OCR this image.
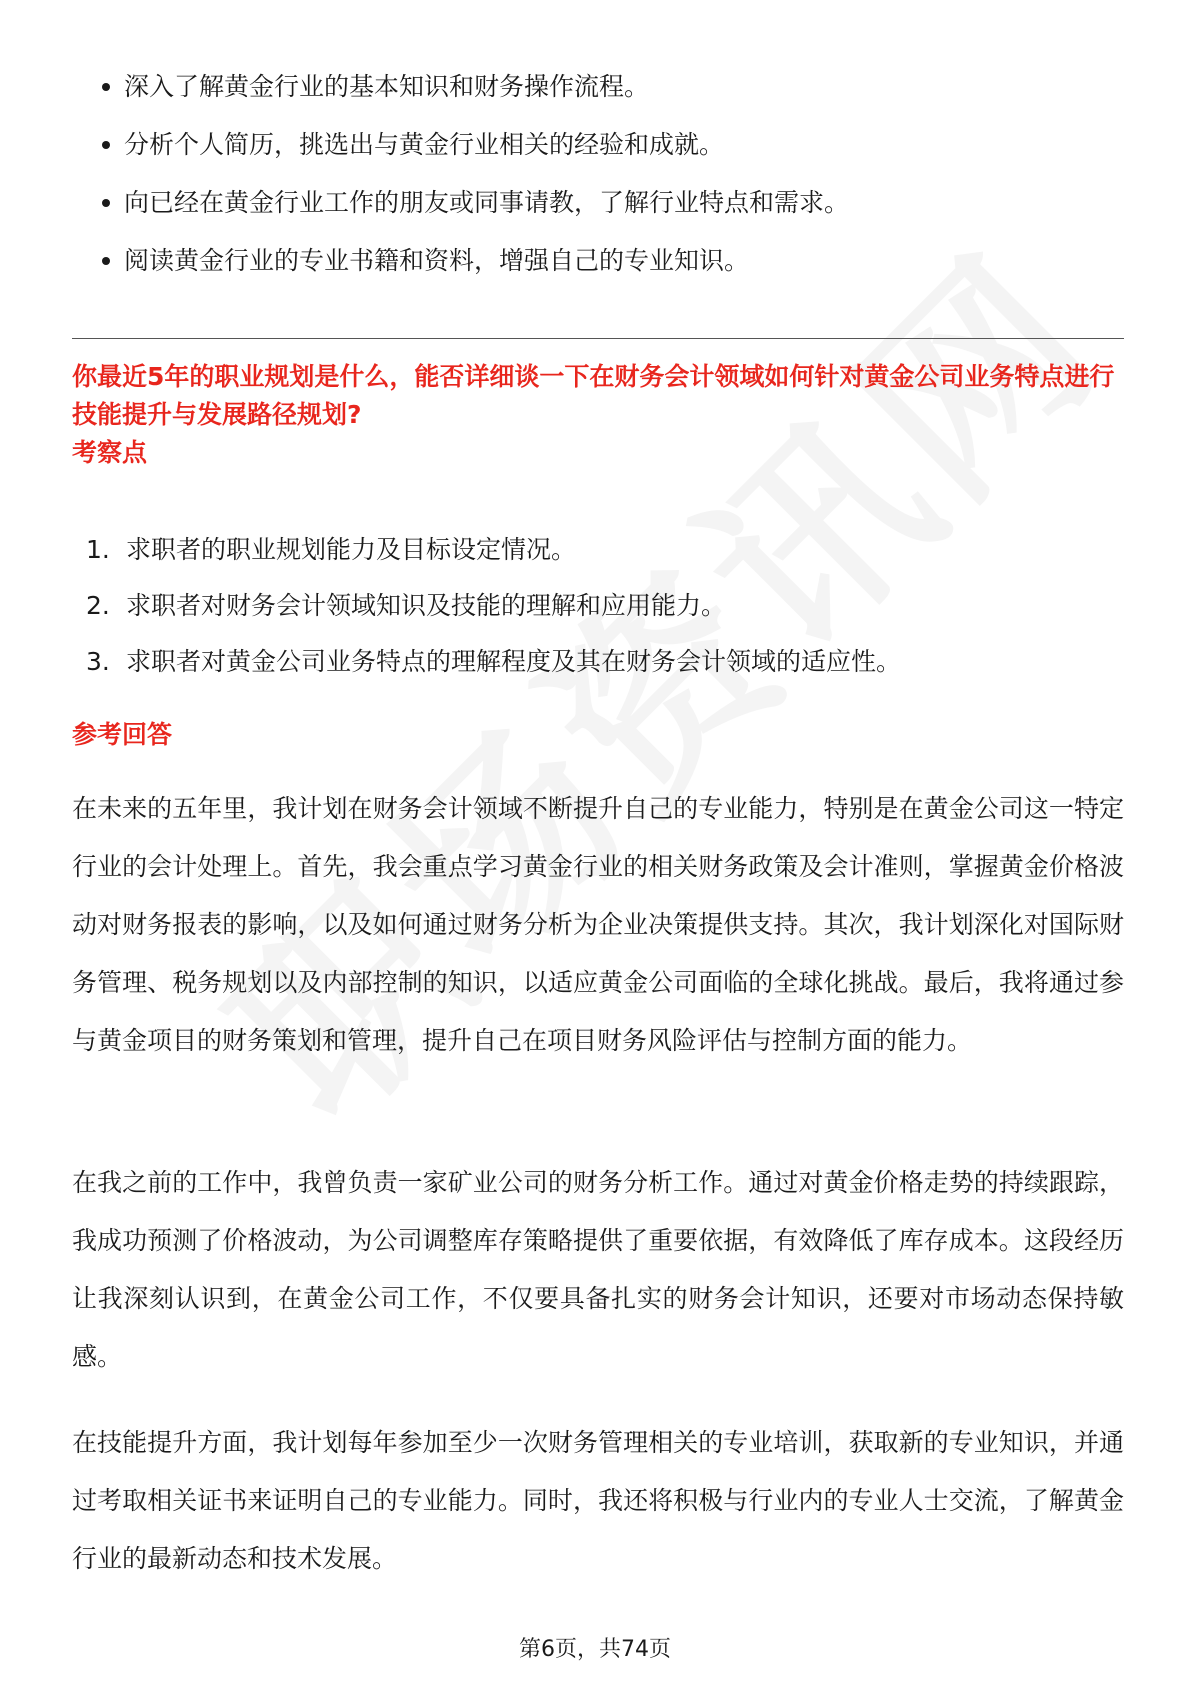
深入了解黄金行业的基本知识和财务操作流程。
分析个人简历，挑选出与黄金行业相关的经验和成就。
向已经在黄金行业工作的朋友或同事请教，了解行业特点和需求。
阅读黄金行业的专业书籍和资料，增强自己的专业知识。
你最近5年的职业规划是什么，能否详细谈一下在财务会计领域如何针对黄金公司业务特点进行技能提升与发展路径规划?
考察点
1. 求职者的职业规划能力及目标设定情况。
2. 求职者对财务会计领域知识及技能的理解和应用能力。
3. 求职者对黄金公司业务特点的理解程度及其在财务会计领域的适应性。
参考回答
在未来的五年里，我计划在财务会计领域不断提升自己的专业能力，特别是在黄金公司这一特定行业的会计处理上。首先，我会重点学习黄金行业的相关财务政策及会计准则，掌握黄金价格波动对财务报表的影响，以及如何通过财务分析为企业决策提供支持。其次，我计划深化对国际财务管理、税务规划以及内部控制的知识，以适应黄金公司面临的全球化挑战。最后，我将通过参与黄金项目的财务策划和管理，提升自己在项目财务风险评估与控制方面的能力。
在我之前的工作中，我曾负责一家矿业公司的财务分析工作。通过对黄金价格走势的持续跟踪，我成功预测了价格波动，为公司调整库存策略提供了重要依据，有效降低了库存成本。这段经历让我深刻认识到，在黄金公司工作，不仅要具备扎实的财务会计知识，还要对市场动态保持敏感。
在技能提升方面，我计划每年参加至少一次财务管理相关的专业培训，获取新的专业知识，并通过考取相关证书来证明自己的专业能力。同时，我还将积极与行业内的专业人士交流，了解黄金行业的最新动态和技术发展。
第6页，共74页
